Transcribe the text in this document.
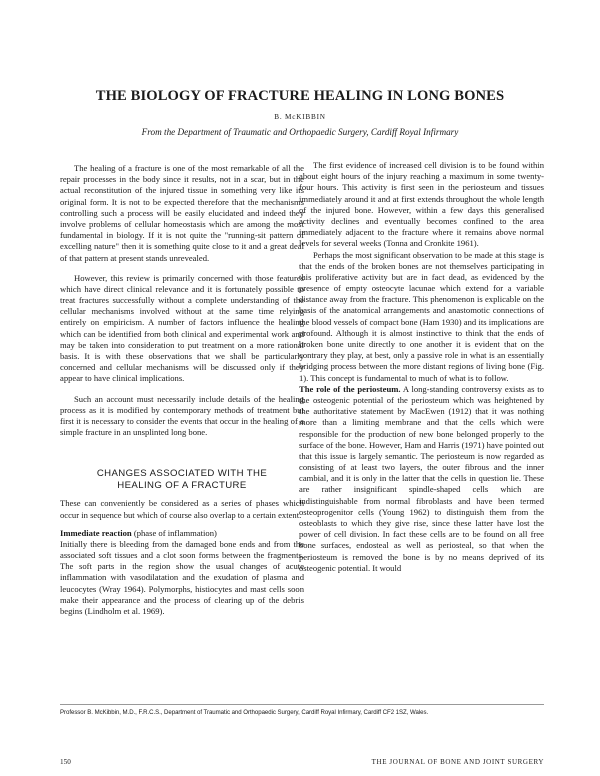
THE BIOLOGY OF FRACTURE HEALING IN LONG BONES
B. McKIBBIN
From the Department of Traumatic and Orthopaedic Surgery, Cardiff Royal Infirmary

The healing of a fracture is one of the most remarkable of all the repair processes in the body since it results, not in a scar, but in the actual reconstitution of the injured tissue in something very like its original form. It is not to be expected therefore that the mechanisms controlling such a process will be easily elucidated and indeed they involve problems of cellular homeostasis which are among the most fundamental in biology. If it is not quite the "running-sit pattern of excelling nature" then it is something quite close to it and a great deal of that pattern at present stands unrevealed.

However, this review is primarily concerned with those features which have direct clinical relevance and it is fortunately possible to treat fractures successfully without a complete understanding of the cellular mechanisms involved without at the same time relying entirely on empiricism. A number of factors influence the healing which can be identified from both clinical and experimental work and may be taken into consideration to put treatment on a more rational basis. It is with these observations that we shall be particularly concerned and cellular mechanisms will be discussed only if they appear to have clinical implications.

Such an account must necessarily include details of the healing process as it is modified by contemporary methods of treatment but first it is necessary to consider the events that occur in the healing of a simple fracture in an unsplinted long bone.

CHANGES ASSOCIATED WITH THE
HEALING OF A FRACTURE

These can conveniently be considered as a series of phases which occur in sequence but which of course also overlap to a certain extent.

Immediate reaction (phase of inflammation)

Initially there is bleeding from the damaged bone ends and from the associated soft tissues and a clot soon forms between the fragments. The soft parts in the region show the usual changes of acute inflammation with vasodilatation and the exudation of plasma and leucocytes (Wray 1964). Polymorphs, histiocytes and mast cells soon make their appearance and the process of clearing up of the debris begins (Lindholm et al. 1969).

The first evidence of increased cell division is to be found within about eight hours of the injury reaching a maximum in some twenty-four hours. This activity is first seen in the periosteum and tissues immediately around it and at first extends throughout the whole length of the injured bone. However, within a few days this generalised activity declines and eventually becomes confined to the area immediately adjacent to the fracture where it remains above normal levels for several weeks (Tonna and Cronkite 1961).

Perhaps the most significant observation to be made at this stage is that the ends of the broken bones are not themselves participating in this proliferative activity but are in fact dead, as evidenced by the presence of empty osteocyte lacunae which extend for a variable distance away from the fracture. This phenomenon is explicable on the basis of the anatomical arrangements and anastomotic connections of the blood vessels of compact bone (Ham 1930) and its implications are profound. Although it is almost instinctive to think that the ends of broken bone unite directly to one another it is evident that on the contrary they play, at best, only a passive role in what is an essentially bridging process between the more distant regions of living bone (Fig. 1). This concept is fundamental to much of what is to follow.

The role of the periosteum. A long-standing controversy exists as to the osteogenic potential of the periosteum which was heightened by the authoritative statement by MacEwen (1912) that it was nothing more than a limiting membrane and that the cells which were responsible for the production of new bone belonged properly to the surface of the bone. However, Ham and Harris (1971) have pointed out that this issue is largely semantic. The periosteum is now regarded as consisting of at least two layers, the outer fibrous and the inner cambial, and it is only in the latter that the cells in question lie. These are rather insignificant spindle-shaped cells which are indistinguishable from normal fibroblasts and have been termed osteoprogenitor cells (Young 1962) to distinguish them from the osteoblasts to which they give rise, since these latter have lost the power of cell division. In fact these cells are to be found on all free bone surfaces, endosteal as well as periosteal, so that when the periosteum is removed the bone is by no means deprived of its osteogenic potential. It would

Professor B. McKibbin, M.D., F.R.C.S., Department of Traumatic and Orthopaedic Surgery, Cardiff Royal Infirmary, Cardiff CF2 1SZ, Wales.
150	THE JOURNAL OF BONE AND JOINT SURGERY
